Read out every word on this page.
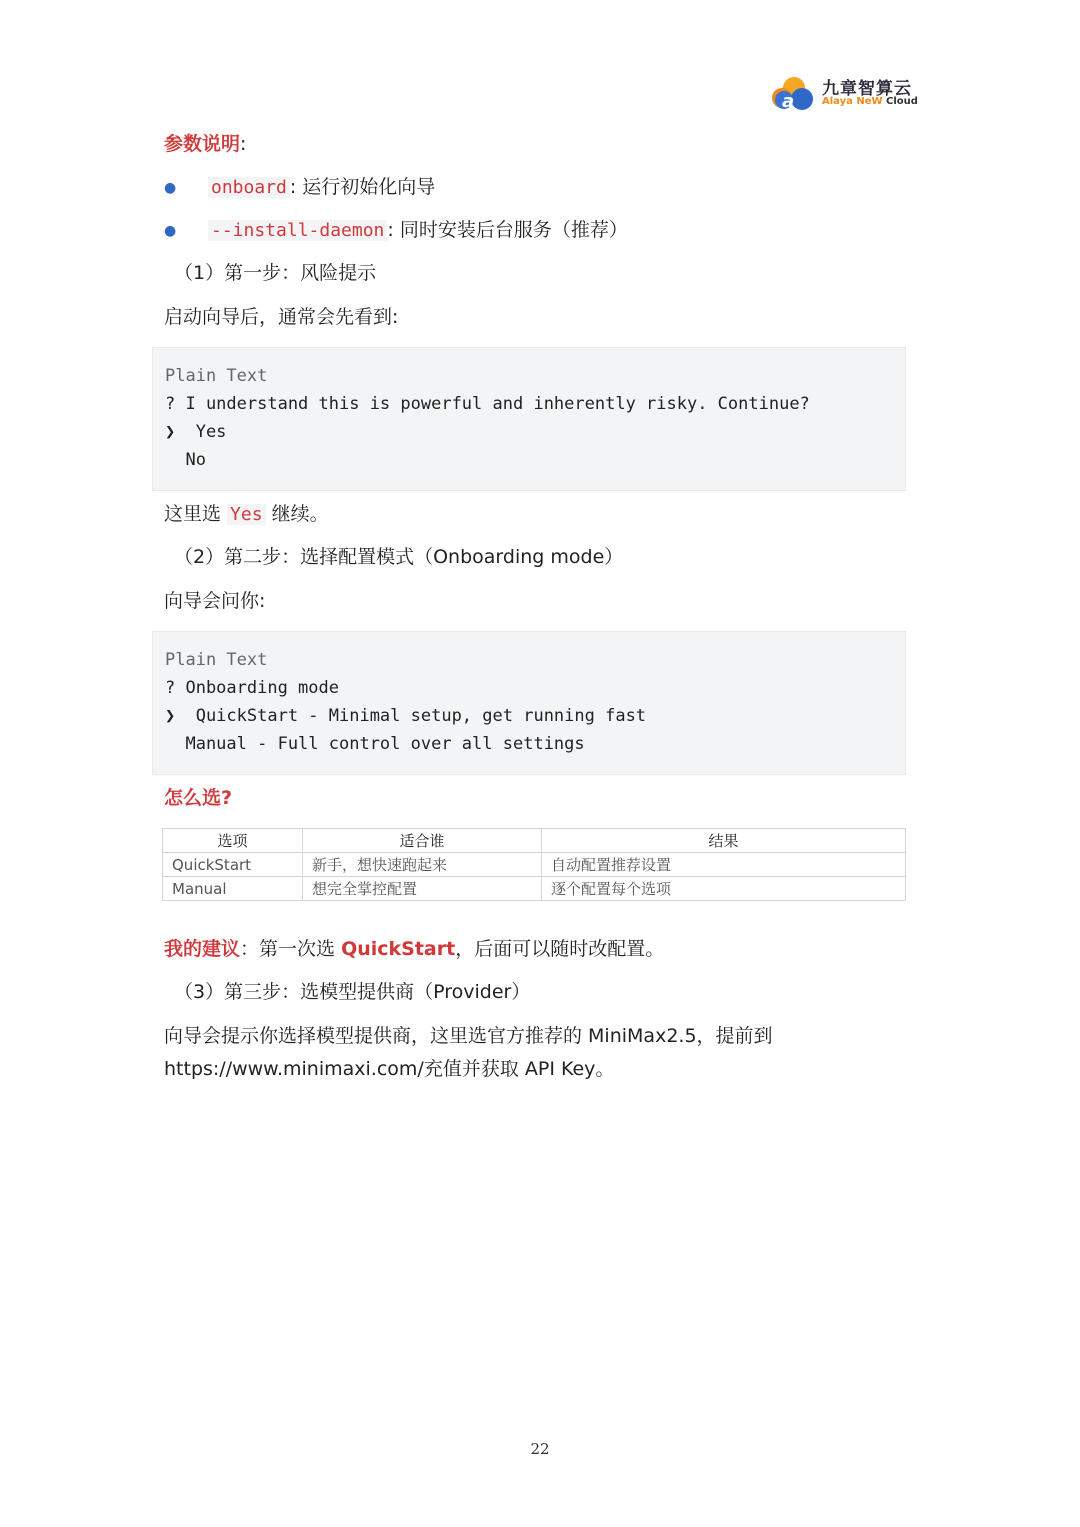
a
九章智算云
Alaya NeW Cloud
参数说明:
● onboard : 运行初始化向导
● --install-daemon : 同时安装后台服务（推荐）
（1）第一步：风险提示
启动向导后，通常会先看到:
Plain Text
? I understand this is powerful and inherently risky. Continue?
❯  Yes
No
这里选 Yes 继续。
（2）第二步：选择配置模式（Onboarding mode）
向导会问你:
Plain Text
? Onboarding mode
❯  QuickStart - Minimal setup, get running fast
Manual - Full control over all settings
怎么选?
选项	适合谁	结果
QuickStart	新手，想快速跑起来	自动配置推荐设置
Manual	想完全掌控配置	逐个配置每个选项
我的建议：第一次选 QuickStart，后面可以随时改配置。
（3）第三步：选模型提供商（Provider）
向导会提示你选择模型提供商，这里选官方推荐的 MiniMax2.5，提前到
https://www.minimaxi.com/充值并获取 API Key。
22
